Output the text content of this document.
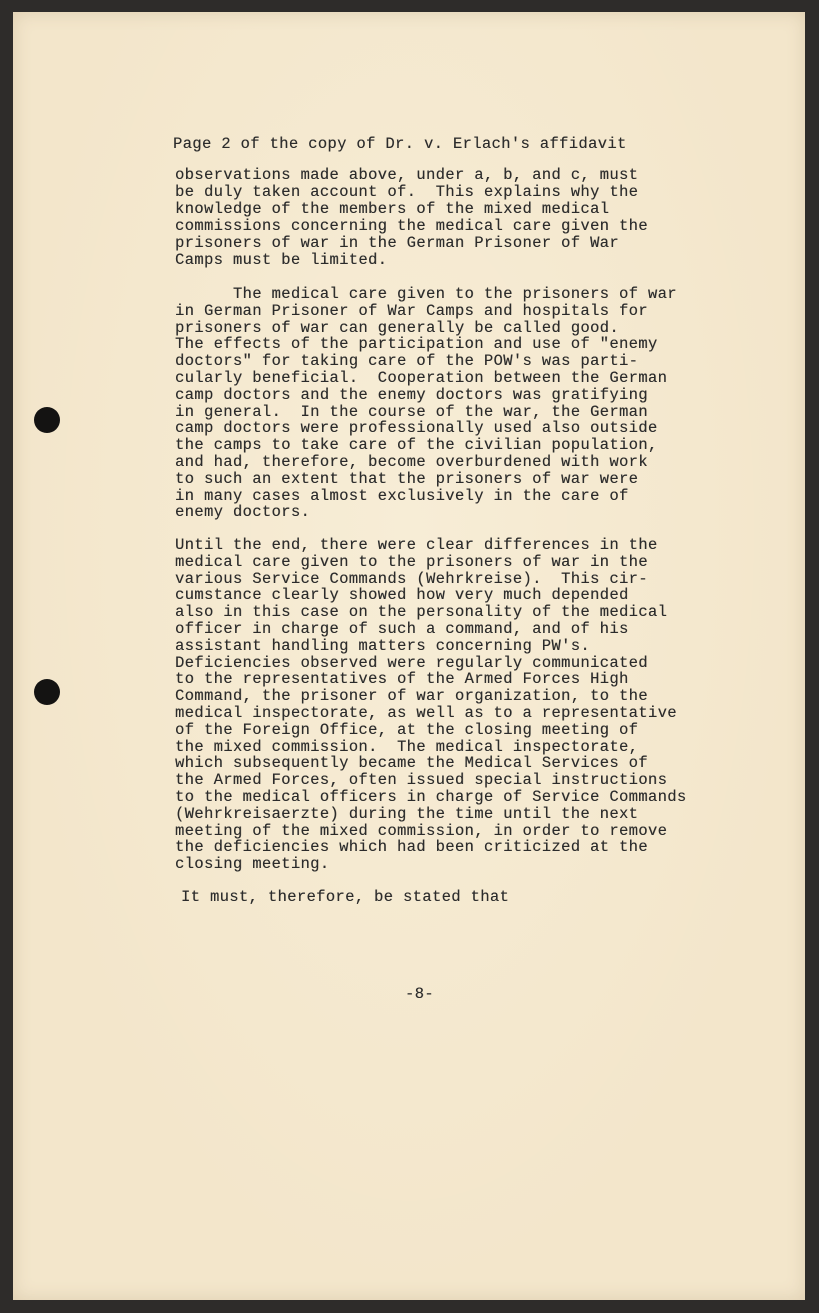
Page 2 of the copy of Dr. v. Erlach's affidavit
observations made above, under a, b, and c, must
be duly taken account of.  This explains why the
knowledge of the members of the mixed medical
commissions concerning the medical care given the
prisoners of war in the German Prisoner of War
Camps must be limited.
The medical care given to the prisoners of war
in German Prisoner of War Camps and hospitals for
prisoners of war can generally be called good.
The effects of the participation and use of "enemy
doctors" for taking care of the POW's was parti-
cularly beneficial.  Cooperation between the German
camp doctors and the enemy doctors was gratifying
in general.  In the course of the war, the German
camp doctors were professionally used also outside
the camps to take care of the civilian population,
and had, therefore, become overburdened with work
to such an extent that the prisoners of war were
in many cases almost exclusively in the care of
enemy doctors.
Until the end, there were clear differences in the
medical care given to the prisoners of war in the
various Service Commands (Wehrkreise).  This cir-
cumstance clearly showed how very much depended
also in this case on the personality of the medical
officer in charge of such a command, and of his
assistant handling matters concerning PW's.
Deficiencies observed were regularly communicated
to the representatives of the Armed Forces High
Command, the prisoner of war organization, to the
medical inspectorate, as well as to a representative
of the Foreign Office, at the closing meeting of
the mixed commission.  The medical inspectorate,
which subsequently became the Medical Services of
the Armed Forces, often issued special instructions
to the medical officers in charge of Service Commands
(Wehrkreisaerzte) during the time until the next
meeting of the mixed commission, in order to remove
the deficiencies which had been criticized at the
closing meeting.
It must, therefore, be stated that
-8-
